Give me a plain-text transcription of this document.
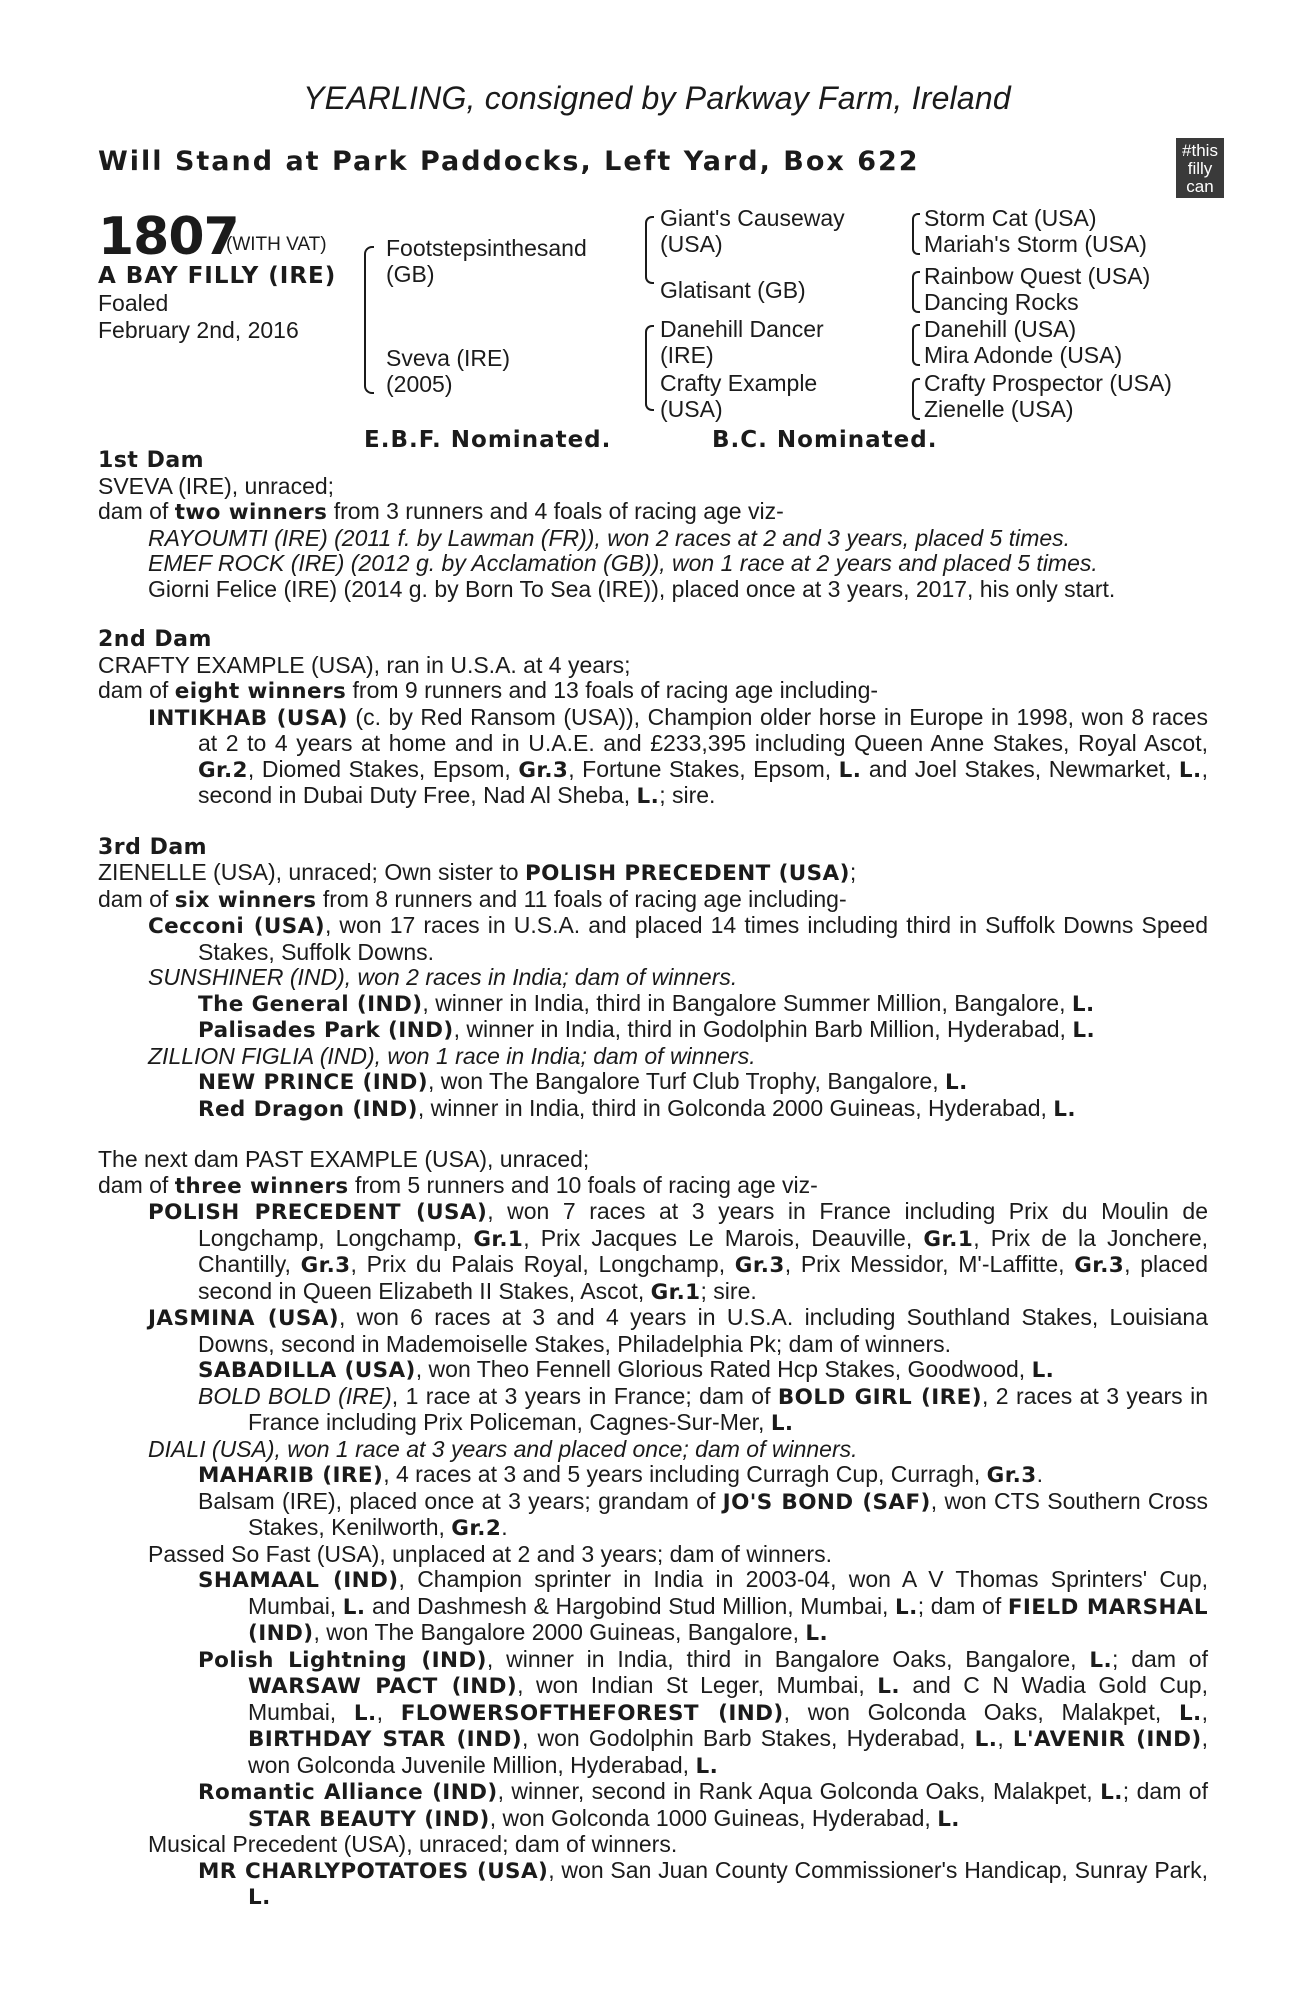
YEARLING, consigned by Parkway Farm, Ireland
Will Stand at Park Paddocks, Left Yard, Box 622	#this
filly
can
1807
(WITH VAT)
A BAY FILLY (IRE)
Foaled
February 2nd, 2016
Footstepsinthesand
(GB)
Sveva (IRE)
(2005)
Giant's Causeway
(USA)
Glatisant (GB)
Danehill Dancer
(IRE)
Crafty Example
(USA)
Storm Cat (USA)
Mariah's Storm (USA)
Rainbow Quest (USA)
Dancing Rocks
Danehill (USA)
Mira Adonde (USA)
Crafty Prospector (USA)
Zienelle (USA)
E.B.F. Nominated.	B.C. Nominated.

1st Dam

SVEVA (IRE), unraced;

dam of two winners from 3 runners and 4 foals of racing age viz-

RAYOUMTI (IRE) (2011 f. by Lawman (FR)), won 2 races at 2 and 3 years, placed 5 times.

EMEF ROCK (IRE) (2012 g. by Acclamation (GB)), won 1 race at 2 years and placed 5 times.

Giorni Felice (IRE) (2014 g. by Born To Sea (IRE)), placed once at 3 years, 2017, his only start.

2nd Dam

CRAFTY EXAMPLE (USA), ran in U.S.A. at 4 years;

dam of eight winners from 9 runners and 13 foals of racing age including-

INTIKHAB (USA) (c. by Red Ransom (USA)), Champion older horse in Europe in 1998, won 8 races at 2 to 4 years at home and in U.A.E. and £233,395 including Queen Anne Stakes, Royal Ascot, Gr.2, Diomed Stakes, Epsom, Gr.3, Fortune Stakes, Epsom, L. and Joel Stakes, Newmarket, L., second in Dubai Duty Free, Nad Al Sheba, L.; sire.

3rd Dam

ZIENELLE (USA), unraced; Own sister to POLISH PRECEDENT (USA);

dam of six winners from 8 runners and 11 foals of racing age including-

Cecconi (USA), won 17 races in U.S.A. and placed 14 times including third in Suffolk Downs Speed Stakes, Suffolk Downs.

SUNSHINER (IND), won 2 races in India; dam of winners.

The General (IND), winner in India, third in Bangalore Summer Million, Bangalore, L.

Palisades Park (IND), winner in India, third in Godolphin Barb Million, Hyderabad, L.

ZILLION FIGLIA (IND), won 1 race in India; dam of winners.

NEW PRINCE (IND), won The Bangalore Turf Club Trophy, Bangalore, L.

Red Dragon (IND), winner in India, third in Golconda 2000 Guineas, Hyderabad, L.

The next dam PAST EXAMPLE (USA), unraced;

dam of three winners from 5 runners and 10 foals of racing age viz-

POLISH PRECEDENT (USA), won 7 races at 3 years in France including Prix du Moulin de Longchamp, Longchamp, Gr.1, Prix Jacques Le Marois, Deauville, Gr.1, Prix de la Jonchere, Chantilly, Gr.3, Prix du Palais Royal, Longchamp, Gr.3, Prix Messidor, M'-Laffitte, Gr.3, placed second in Queen Elizabeth II Stakes, Ascot, Gr.1; sire.

JASMINA (USA), won 6 races at 3 and 4 years in U.S.A. including Southland Stakes, Louisiana Downs, second in Mademoiselle Stakes, Philadelphia Pk; dam of winners.

SABADILLA (USA), won Theo Fennell Glorious Rated Hcp Stakes, Goodwood, L.

BOLD BOLD (IRE), 1 race at 3 years in France; dam of BOLD GIRL (IRE), 2 races at 3 years in France including Prix Policeman, Cagnes-Sur-Mer, L.

DIALI (USA), won 1 race at 3 years and placed once; dam of winners.

MAHARIB (IRE), 4 races at 3 and 5 years including Curragh Cup, Curragh, Gr.3.

Balsam (IRE), placed once at 3 years; grandam of JO'S BOND (SAF), won CTS Southern Cross Stakes, Kenilworth, Gr.2.

Passed So Fast (USA), unplaced at 2 and 3 years; dam of winners.

SHAMAAL (IND), Champion sprinter in India in 2003-04, won A V Thomas Sprinters' Cup, Mumbai, L. and Dashmesh & Hargobind Stud Million, Mumbai, L.; dam of FIELD MARSHAL (IND), won The Bangalore 2000 Guineas, Bangalore, L.

Polish Lightning (IND), winner in India, third in Bangalore Oaks, Bangalore, L.; dam of WARSAW PACT (IND), won Indian St Leger, Mumbai, L. and C N Wadia Gold Cup, Mumbai, L., FLOWERSOFTHEFOREST (IND), won Golconda Oaks, Malakpet, L., BIRTHDAY STAR (IND), won Godolphin Barb Stakes, Hyderabad, L., L'AVENIR (IND), won Golconda Juvenile Million, Hyderabad, L.

Romantic Alliance (IND), winner, second in Rank Aqua Golconda Oaks, Malakpet, L.; dam of STAR BEAUTY (IND), won Golconda 1000 Guineas, Hyderabad, L.

Musical Precedent (USA), unraced; dam of winners.

MR CHARLYPOTATOES (USA), won San Juan County Commissioner's Handicap, Sunray Park, L.
